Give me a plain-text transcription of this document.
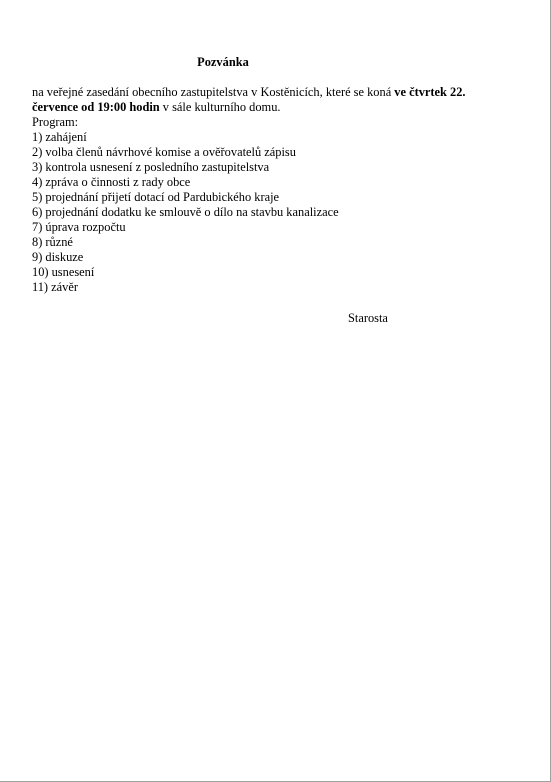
Pozvánka
na veřejné zasedání obecního zastupitelstva v Kostěnicích, které se koná ve čtvrtek 22. července od 19:00 hodin v sále kulturního domu.
Program:
1) zahájení
2) volba členů návrhové komise a ověřovatelů zápisu
3) kontrola usnesení z posledního zastupitelstva
4) zpráva o činnosti z rady obce
5) projednání přijetí dotací od Pardubického kraje
6) projednání dodatku ke smlouvě o dílo na stavbu kanalizace
7) úprava rozpočtu
8) různé
9) diskuze
10) usnesení
11) závěr
Starosta
